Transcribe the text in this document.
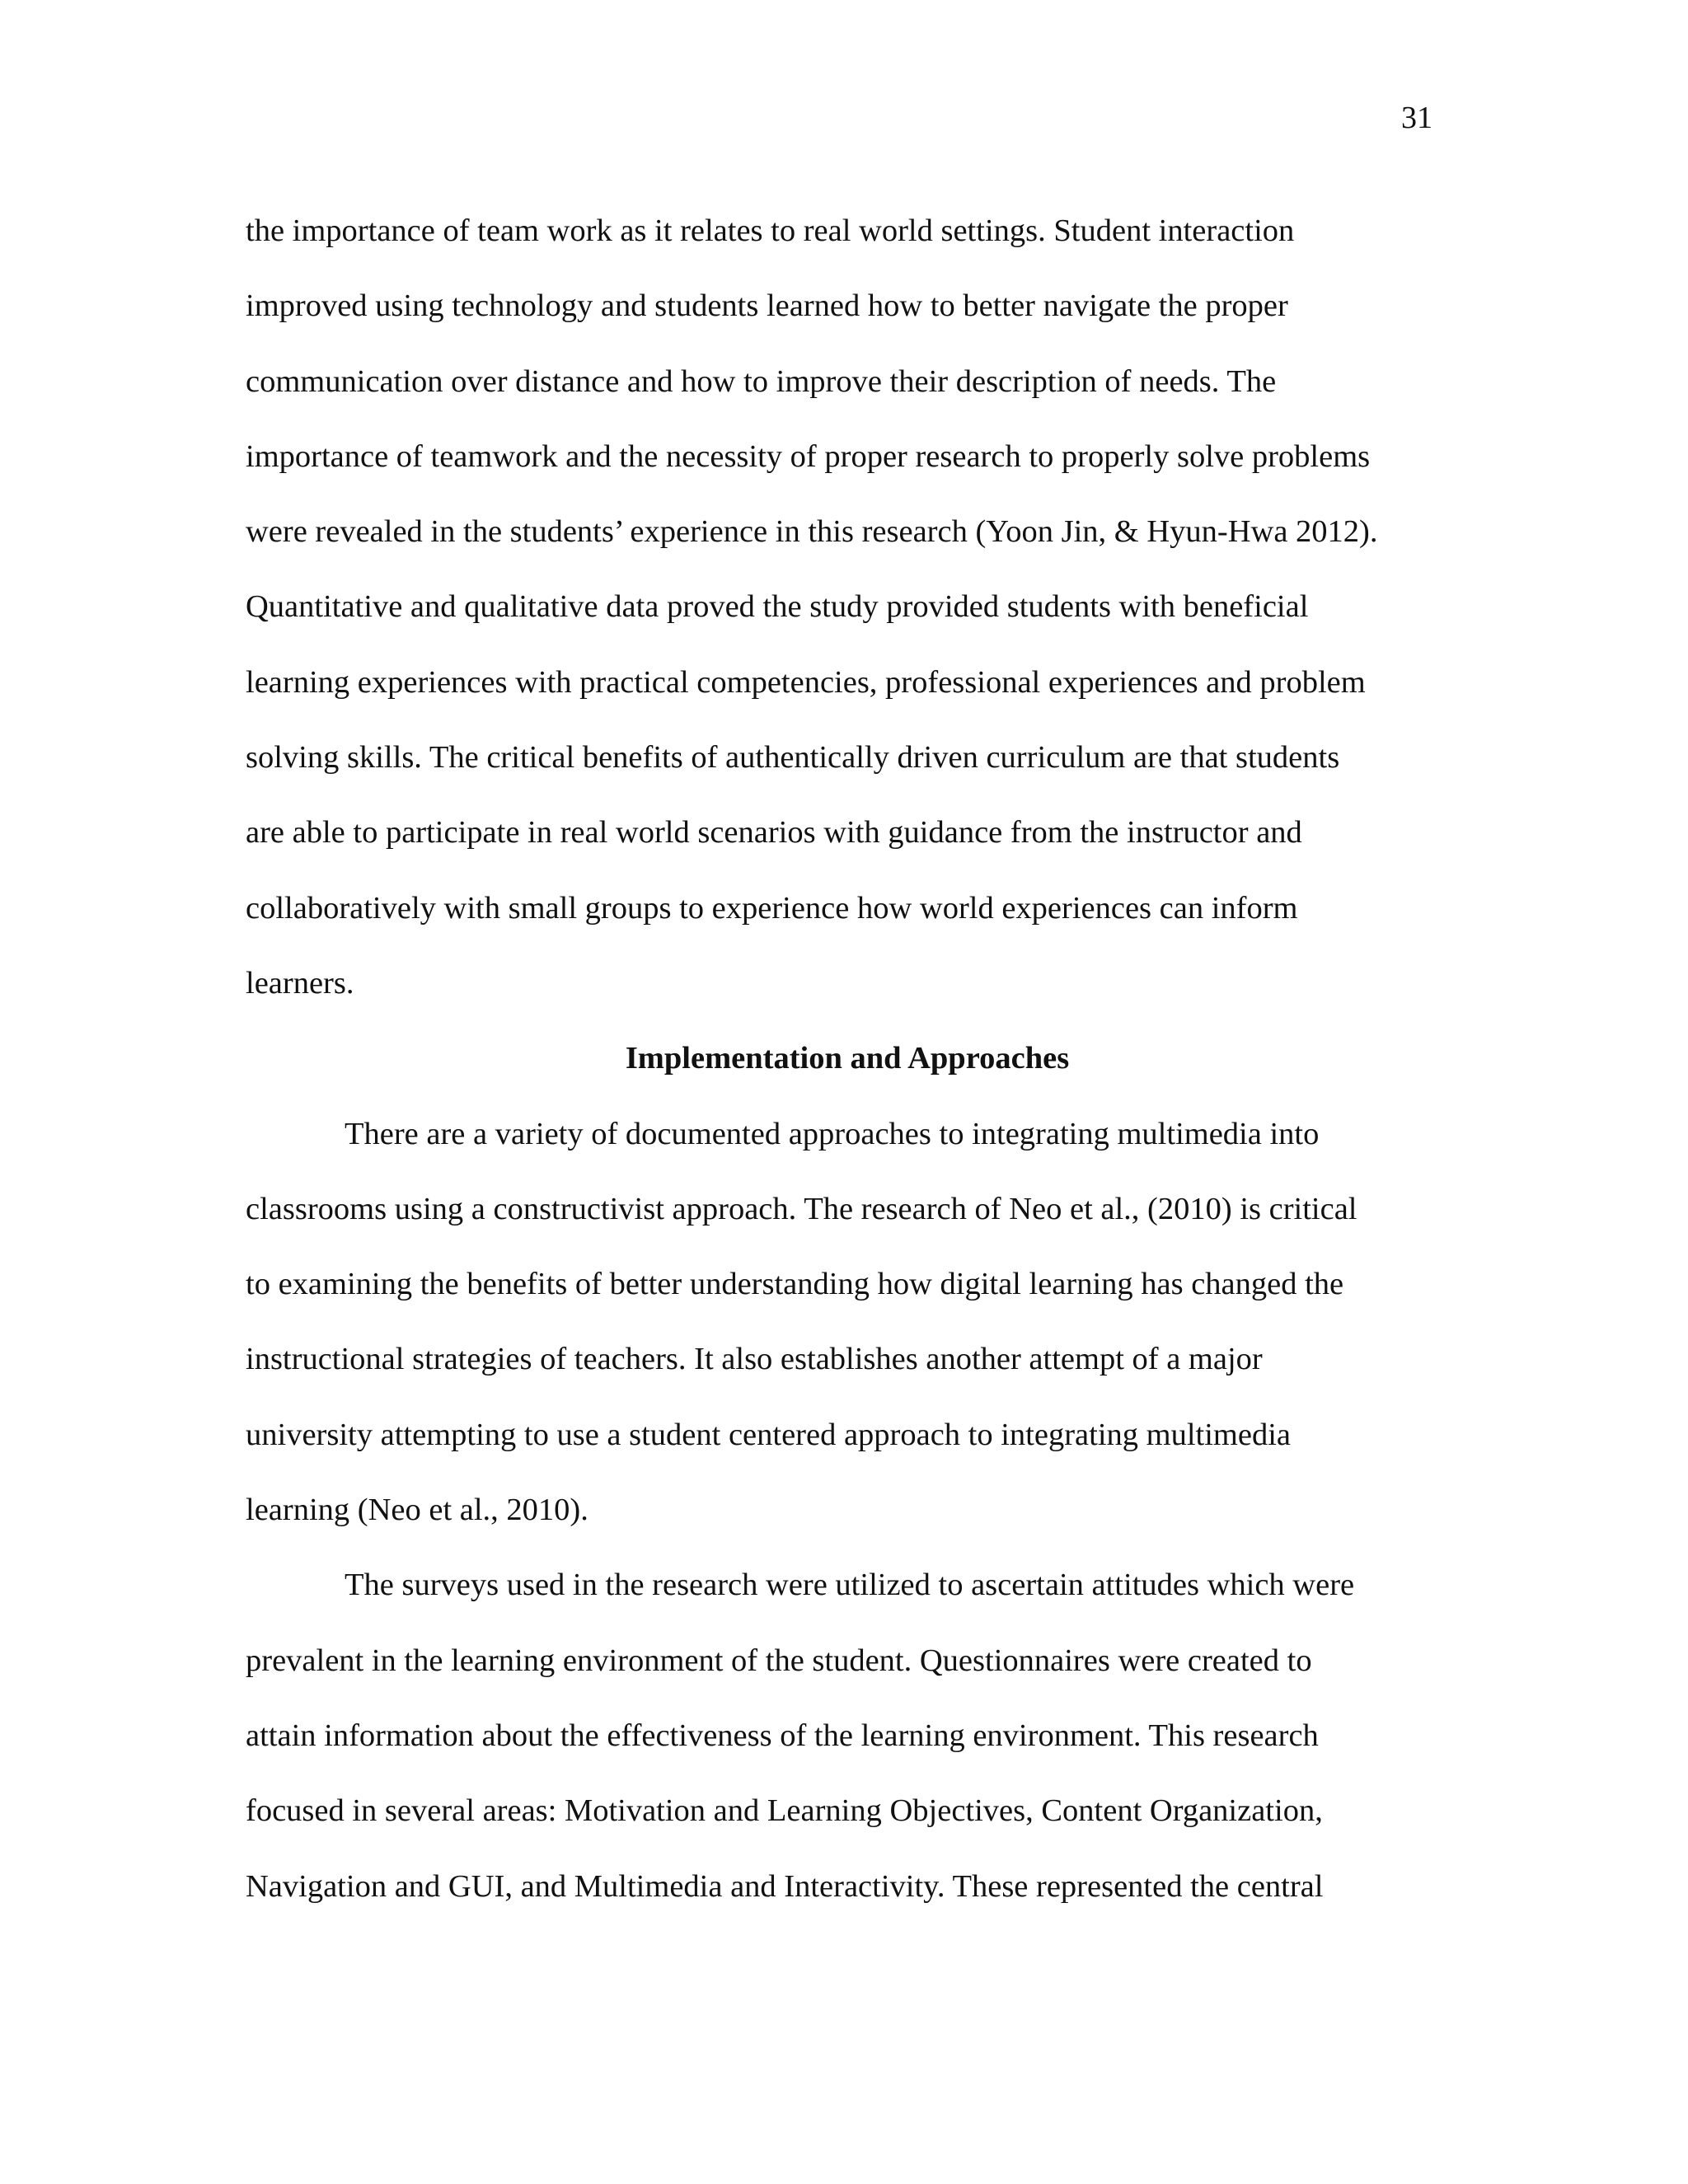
31
the importance of team work as it relates to real world settings. Student interaction
improved using technology and students learned how to better navigate the proper
communication over distance and how to improve their description of needs. The
importance of teamwork and the necessity of proper research to properly solve problems
were revealed in the students’ experience in this research (Yoon Jin, & Hyun-Hwa 2012).
Quantitative and qualitative data proved the study provided students with beneficial
learning experiences with practical competencies, professional experiences and problem
solving skills. The critical benefits of authentically driven curriculum are that students
are able to participate in real world scenarios with guidance from the instructor and
collaboratively with small groups to experience how world experiences can inform
learners.
Implementation and Approaches
There are a variety of documented approaches to integrating multimedia into
classrooms using a constructivist approach. The research of Neo et al., (2010) is critical
to examining the benefits of better understanding how digital learning has changed the
instructional strategies of teachers. It also establishes another attempt of a major
university attempting to use a student centered approach to integrating multimedia
learning (Neo et al., 2010).
The surveys used in the research were utilized to ascertain attitudes which were
prevalent in the learning environment of the student. Questionnaires were created to
attain information about the effectiveness of the learning environment. This research
focused in several areas: Motivation and Learning Objectives, Content Organization,
Navigation and GUI, and Multimedia and Interactivity. These represented the central
